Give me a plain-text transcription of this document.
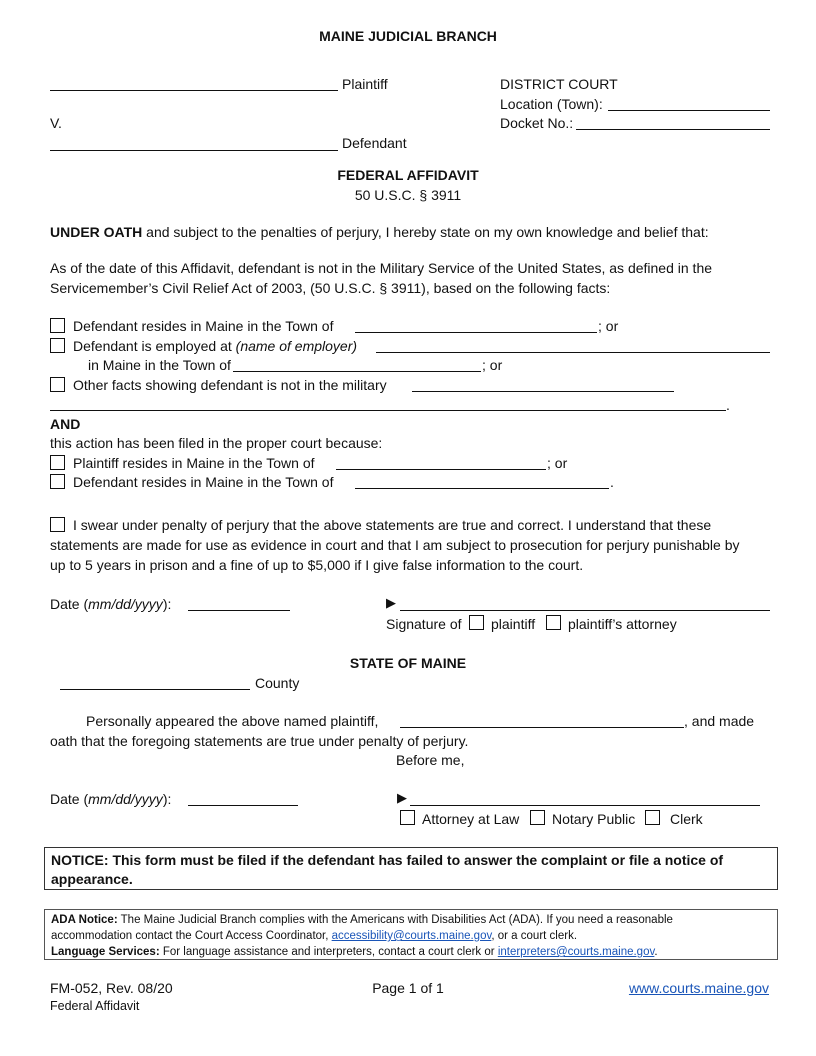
MAINE JUDICIAL BRANCH
Plaintiff
V.
Defendant
DISTRICT COURT
Location (Town):
Docket No.:
FEDERAL AFFIDAVIT
50 U.S.C. § 3911
UNDER OATH and subject to the penalties of perjury, I hereby state on my own knowledge and belief that:
As of the date of this Affidavit, defendant is not in the Military Service of the United States, as defined in the
Servicemember’s Civil Relief Act of 2003, (50 U.S.C. § 3911), based on the following facts:
Defendant resides in Maine in the Town of	; or
Defendant is employed at (name of employer)
in Maine in the Town of	; or
Other facts showing defendant is not in the military
.
AND
this action has been filed in the proper court because:
Plaintiff resides in Maine in the Town of	; or
Defendant resides in Maine in the Town of	.
I swear under penalty of perjury that the above statements are true and correct. I understand that these
statements are made for use as evidence in court and that I am subject to prosecution for perjury punishable by
up to 5 years in prison and a fine of up to $5,000 if I give false information to the court.
Date (mm/dd/yyyy):	▶
Signature of plaintiff plaintiff’s attorney
STATE OF MAINE
County
Personally appeared the above named plaintiff,	, and made
oath that the foregoing statements are true under penalty of perjury.
Before me,
Date (mm/dd/yyyy):	▶
Attorney at Law Notary Public Clerk
NOTICE: This form must be filed if the defendant has failed to answer the complaint or file a notice of
appearance.
ADA Notice: The Maine Judicial Branch complies with the Americans with Disabilities Act (ADA). If you need a reasonable
accommodation contact the Court Access Coordinator, accessibility@courts.maine.gov, or a court clerk.
Language Services: For language assistance and interpreters, contact a court clerk or interpreters@courts.maine.gov.
FM-052, Rev. 08/20
Federal Affidavit
Page 1 of 1	www.courts.maine.gov
